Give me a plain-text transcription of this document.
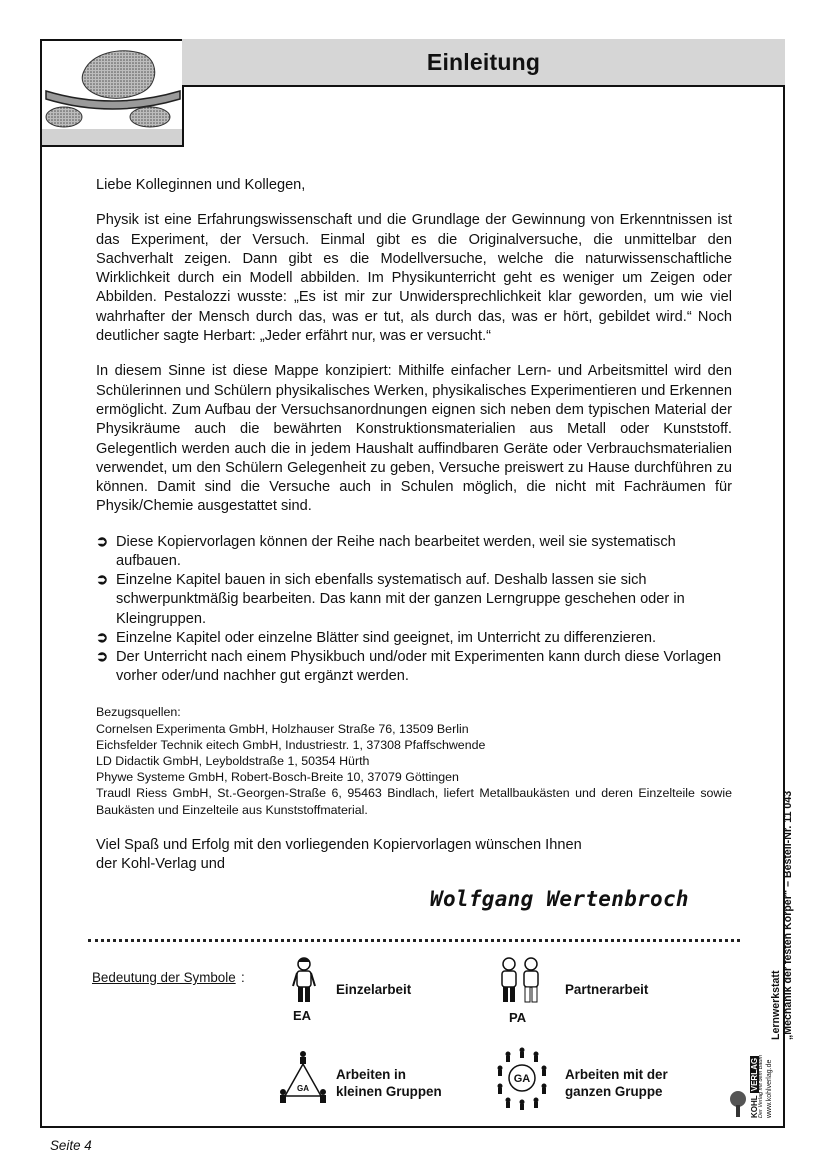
Einleitung

Liebe Kolleginnen und Kollegen,

Physik ist eine Erfahrungswissenschaft und die Grundlage der Gewinnung von Erkenntnissen ist das Experiment, der Versuch. Einmal gibt es die Originalversuche, die unmittelbar den Sachverhalt zeigen. Dann gibt es die Modellversuche, welche die naturwissenschaftliche Wirklichkeit durch ein Modell abbilden. Im Physikunterricht geht es weniger um Zeigen oder Abbilden. Pestalozzi wusste: „Es ist mir zur Unwidersprechlichkeit klar geworden, um wie viel wahrhafter der Mensch durch das, was er tut, als durch das, was er hört, gebildet wird.“ Noch deutlicher sagte Herbart: „Jeder erfährt nur, was er versucht.“

In diesem Sinne ist diese Mappe konzipiert: Mithilfe einfacher Lern- und Arbeitsmittel wird den Schülerinnen und Schülern physikalisches Werken, physikalisches Experimentieren und Erkennen ermöglicht. Zum Aufbau der Versuchsanordnungen eignen sich neben dem typischen Material der Physikräume auch die bewährten Konstruktionsmaterialien aus Metall oder Kunststoff. Gelegentlich werden auch die in jedem Haushalt auffindbaren Geräte oder Verbrauchsmaterialien verwendet, um den Schülern Gelegenheit zu geben, Versuche preiswert zu Hause durchführen zu können. Damit sind die Versuche auch in Schulen möglich, die nicht mit Fachräumen für Physik/Chemie ausgestattet sind.

➲ Diese Kopiervorlagen können der Reihe nach bearbeitet werden, weil sie systematisch aufbauen.
➲ Einzelne Kapitel bauen in sich ebenfalls systematisch auf. Deshalb lassen sie sich schwerpunktmäßig bearbeiten. Das kann mit der ganzen Lerngruppe geschehen oder in Kleingruppen.
➲ Einzelne Kapitel oder einzelne Blätter sind geeignet, im Unterricht zu differenzieren.
➲ Der Unterricht nach einem Physikbuch und/oder mit Experimenten kann durch diese Vorlagen vorher oder/und nachher gut ergänzt werden.
Bezugsquellen:
Cornelsen Experimenta GmbH, Holzhauser Straße 76, 13509 Berlin
Eichsfelder Technik eitech GmbH, Industriestr. 1, 37308 Pfaffschwende
LD Didactik GmbH, Leyboldstraße 1, 50354 Hürth
Phywe Systeme GmbH, Robert-Bosch-Breite 10, 37079 Göttingen
Traudl Riess GmbH, St.-Georgen-Straße 6, 95463 Bindlach, liefert Metallbaukästen und deren Einzelteile sowie Baukästen und Einzelteile aus Kunststoffmaterial.
Viel Spaß und Erfolg mit den vorliegenden Kopiervorlagen wünschen Ihnen
der Kohl-Verlag und
Wolfgang Wertenbroch
Bedeutung der Symbole :
EA
Einzelarbeit
PA
Partnerarbeit
GA
Arbeiten in
kleinen Gruppen
GA	Arbeiten mit der
ganzen Gruppe
Lernwerkstatt „Mechanik der festen Körper“ – Bestell-Nr. 11 043
KOHL VERLAG Der Verlag mit dem Baum www.kohlverlag.de
Seite 4
